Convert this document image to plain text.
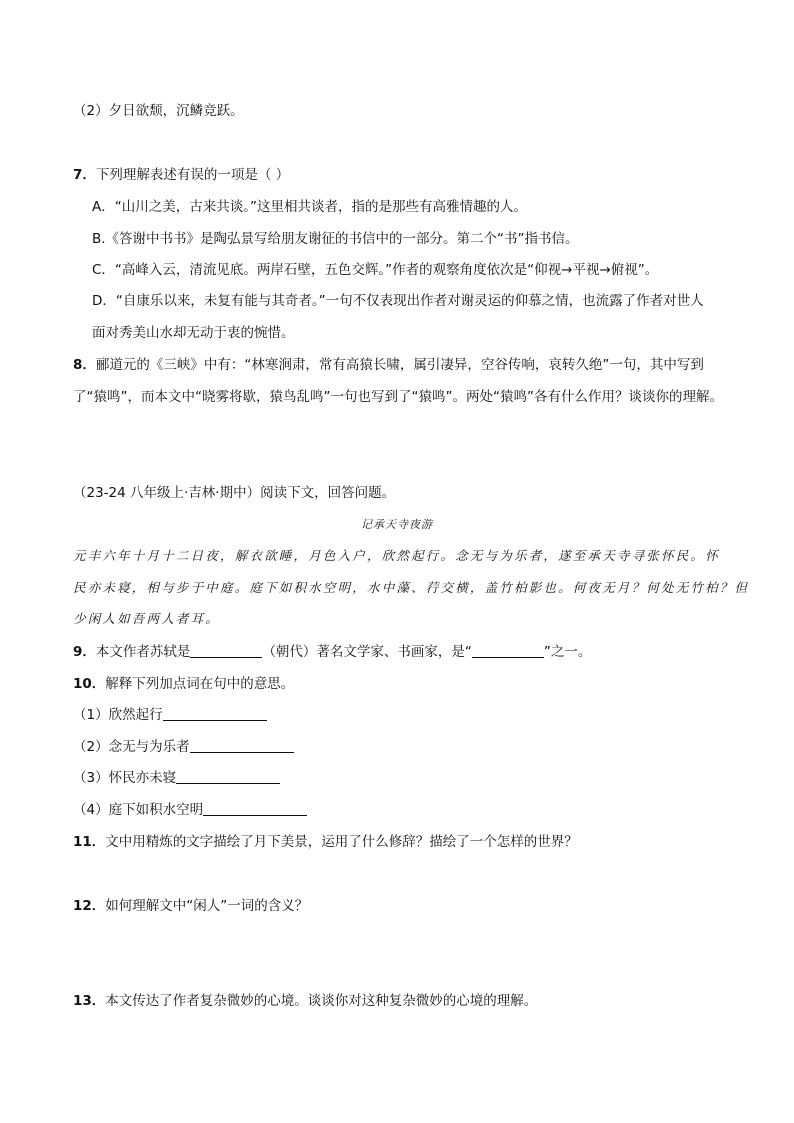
（2）夕日欲颓，沉鳞竞跃。
7．下列理解表述有误的一项是（ ）
A．“山川之美，古来共谈。”这里相共谈者，指的是那些有高雅情趣的人。
B.《答谢中书书》是陶弘景写给朋友谢征的书信中的一部分。第二个“书”指书信。
C．“高峰入云，清流见底。两岸石壁，五色交辉。”作者的观察角度依次是“仰视→平视→俯视”。
D．“自康乐以来，未复有能与其奇者。”一句不仅表现出作者对谢灵运的仰慕之情，也流露了作者对世人
面对秀美山水却无动于衷的惋惜。
8．郦道元的《三峡》中有：“林寒涧肃，常有高猿长啸，属引凄异，空谷传响，哀转久绝”一句，其中写到
了“猿鸣”，而本文中“晓雾将歇，猿鸟乱鸣”一句也写到了“猿鸣”。两处“猿鸣”各有什么作用？谈谈你的理解。
（23-24 八年级上·吉林·期中）阅读下文，回答问题。
记承天寺夜游
元丰六年十月十二日夜，解衣欲睡，月色入户，欣然起行。念无与为乐者，遂至承天寺寻张怀民。怀
民亦未寝，相与步于中庭。庭下如积水空明，水中藻、荇交横，盖竹柏影也。何夜无月？何处无竹柏？但
少闲人如吾两人者耳。
9．本文作者苏轼是	（朝代）著名文学家、书画家，是“	”之一。
10．解释下列加点词在句中的意思。
（1）欣然起行
（2）念无与为乐者
（3）怀民亦未寝
（4）庭下如积水空明
11．文中用精炼的文字描绘了月下美景，运用了什么修辞？描绘了一个怎样的世界？
12．如何理解文中“闲人”一词的含义？
13．本文传达了作者复杂微妙的心境。谈谈你对这种复杂微妙的心境的理解。
